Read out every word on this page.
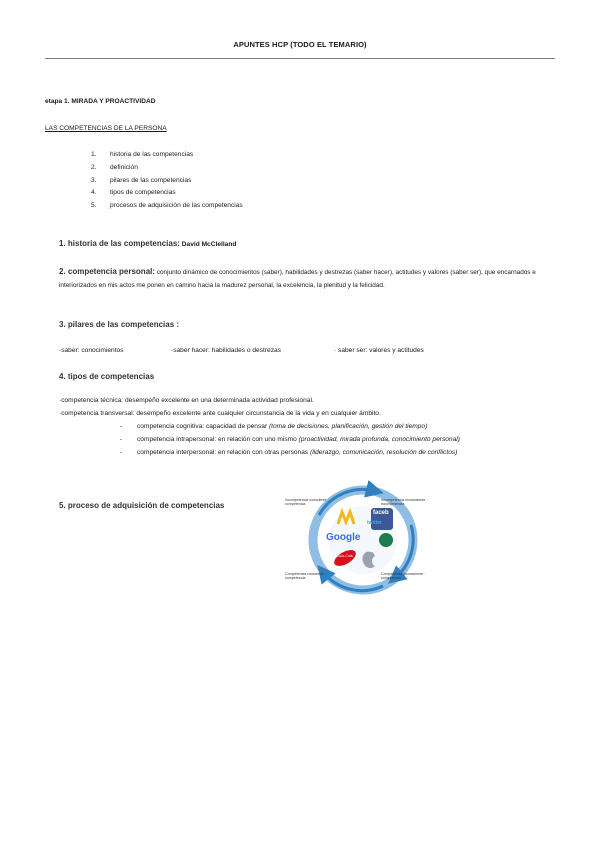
APUNTES HCP (TODO EL TEMARIO)
etapa 1. MIRADA Y PROACTIVIDAD
LAS COMPETENCIAS DE LA PERSONA
1. historia de las competencias
2. definición
3. pilares de las competencias
4. tipos de competencias
5. procesos de adquisición de las competencias
1. historia de las competencias: David McClelland
2. competencia personal: conjunto dinámico de conocimientos (saber), habilidades y destrezas (saber hacer), actitudes y valores (saber ser), que encarnados e interiorizados en mis actos me ponen en camino hacia la madurez personal, la excelencia, la plenitud y la felicidad.
3. pilares de las competencias :
·saber: conocimientos	·saber hacer: habilidades o destrezas	· saber ser: valores y actitudes
4. tipos de competencias
·competencia técnica: desempeño excelente en una determinada actividad profesional.
·competencia transversal: desempeño excelente ante cualquier circunstancia de la vida y en cualquier ámbito.
- competencia cognitiva: capacidad de pensar (toma de decisiones, planificación, gestión del tiempo)
- competencia intrapersonal: en relación con uno mismo (proactividad, mirada profunda, conocimiento personal)
- competencia interpersonal: en relación con otras personas (liderazgo, comunicación, resolución de conflictos)
5. proceso de adquisición de competencias
Google
faceb
twitter
Coca-Cola
Incompetencia consciente · competencia
Incompetencia inconsciente · incompetencia
Competencia consciente · competencia
Competencia inconsciente · competencia
